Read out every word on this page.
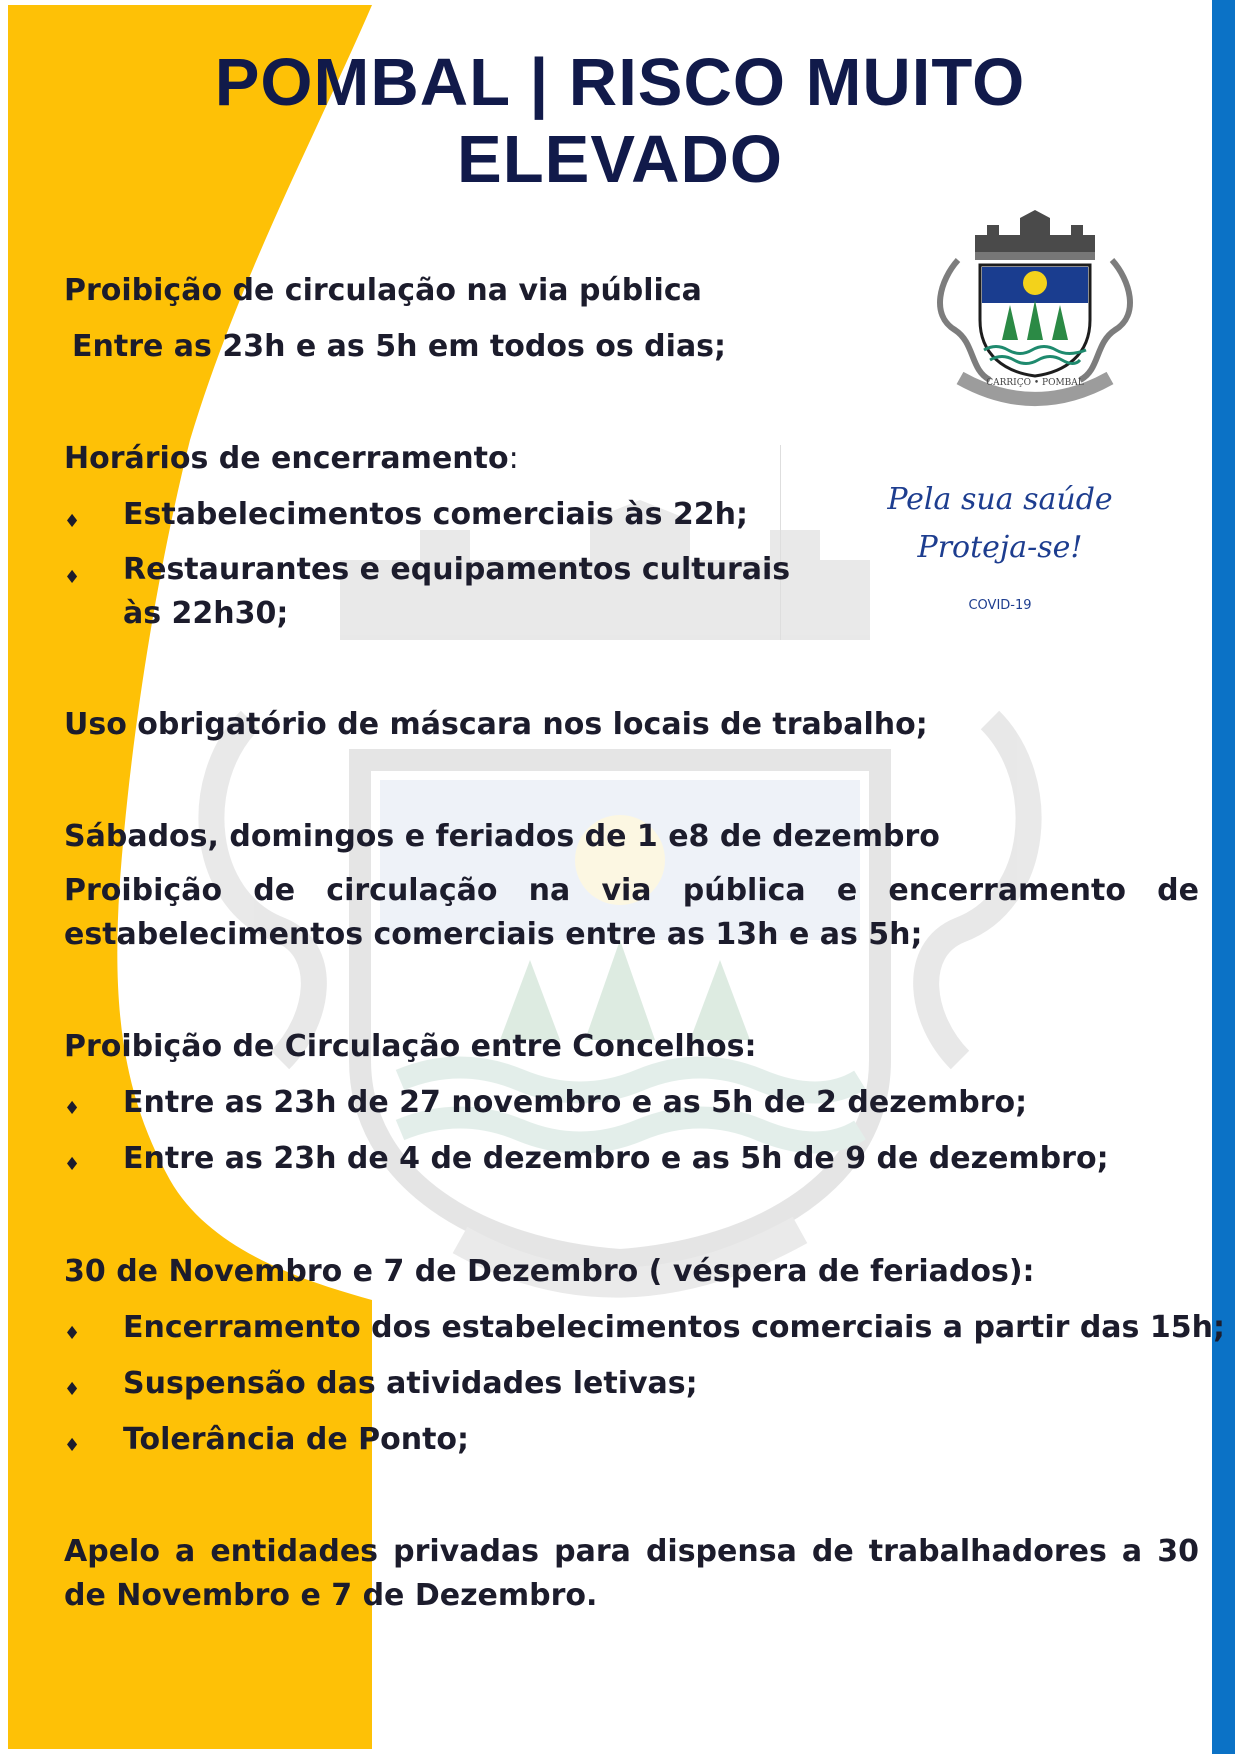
POMBAL | RISCO MUITO ELEVADO
CARRIÇO • POMBAL
Pela sua saúde
Proteja-se!
COVID-19
Proibição de circulação na via pública
Entre as 23h e as 5h em todos os dias;
Horários de encerramento:
♦ Estabelecimentos comerciais às 22h;
♦ Restaurantes e equipamentos culturais
às 22h30;
Uso obrigatório de máscara nos locais de trabalho;
Sábados, domingos e feriados de 1 e8 de dezembro
Proibição de circulação na via pública e encerramento de estabelecimentos comerciais entre as 13h e as 5h;
Proibição de Circulação entre Concelhos:
♦ Entre as 23h de 27 novembro e as 5h de 2 dezembro;
♦ Entre as 23h de 4 de dezembro e as 5h de 9 de dezembro;
30 de Novembro e 7 de Dezembro ( véspera de feriados):
♦ Encerramento dos estabelecimentos comerciais a partir das 15h;
♦ Suspensão das atividades letivas;
♦ Tolerância de Ponto;
Apelo a entidades privadas para dispensa de trabalhadores a 30 de Novembro e 7 de Dezembro.
